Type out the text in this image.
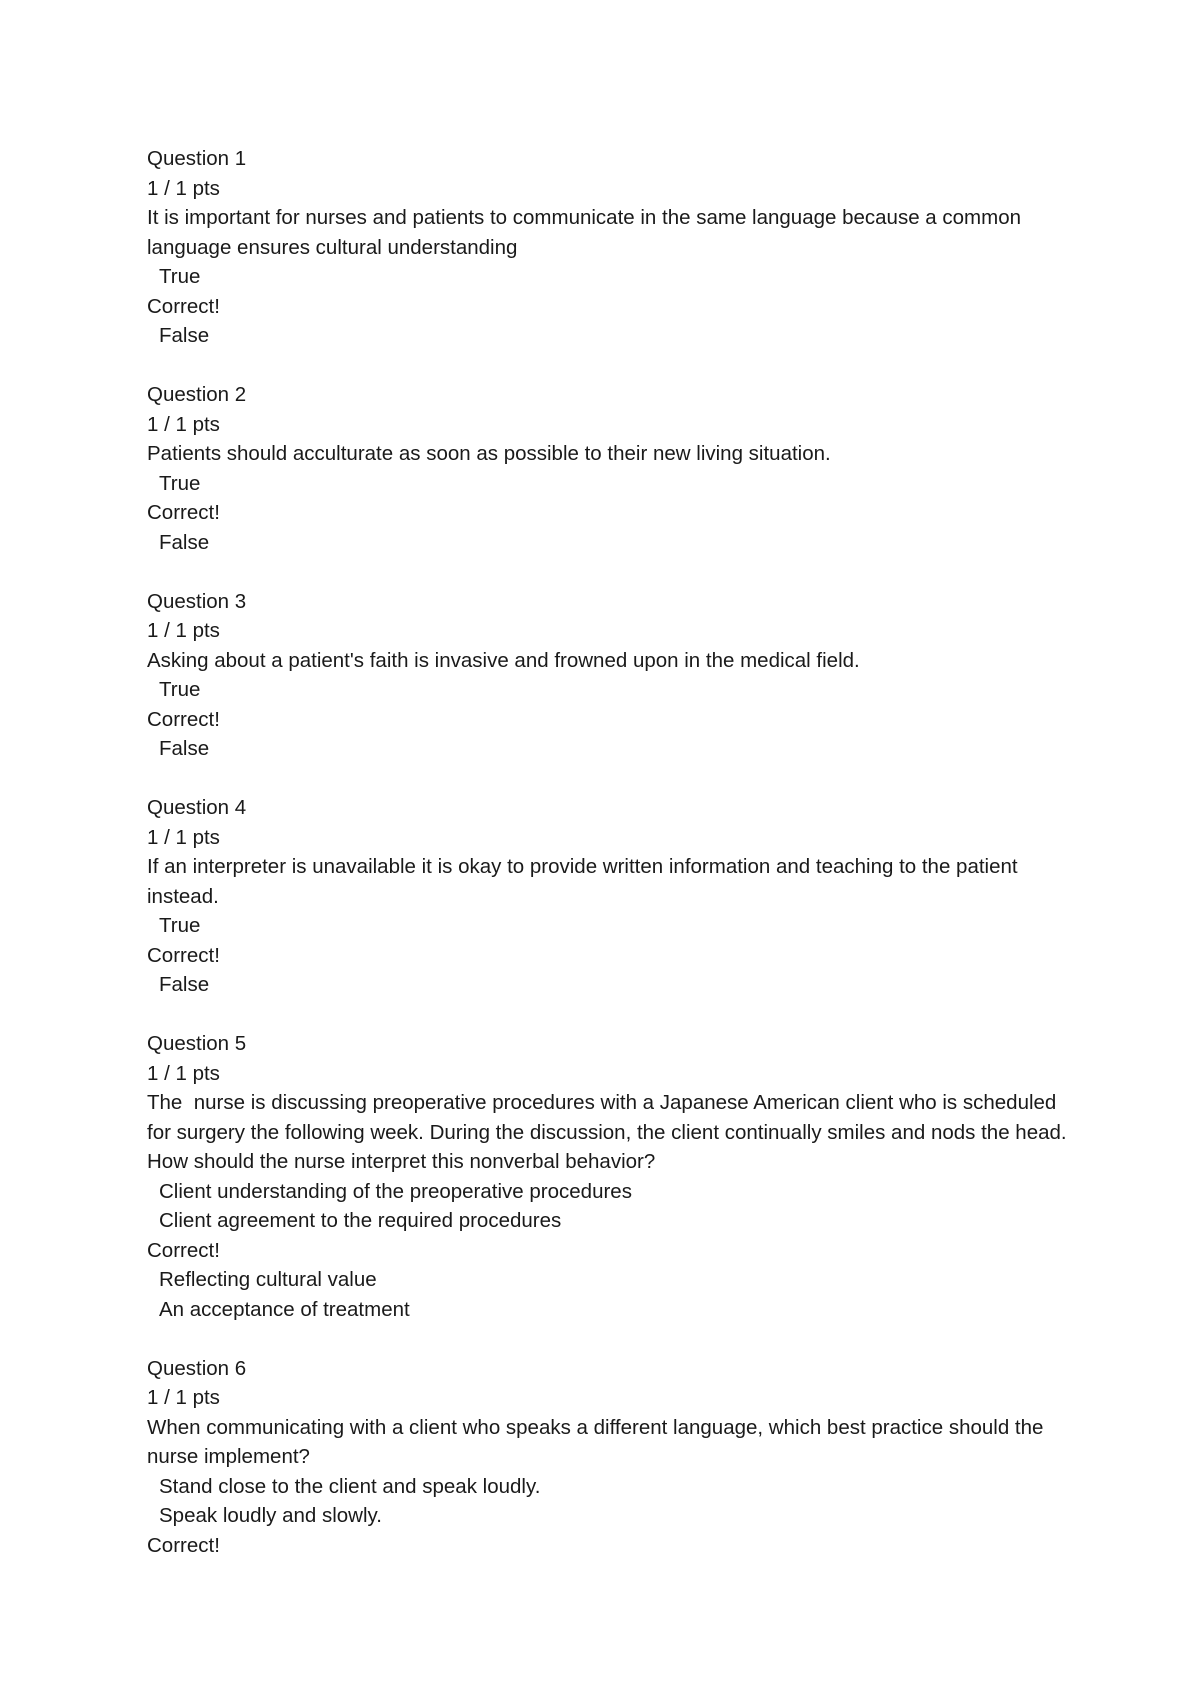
Question 1
1 / 1 pts
It is important for nurses and patients to communicate in the same language because a common language ensures cultural understanding
True
Correct!
False
Question 2
1 / 1 pts
Patients should acculturate as soon as possible to their new living situation.
True
Correct!
False
Question 3
1 / 1 pts
Asking about a patient's faith is invasive and frowned upon in the medical field.
True
Correct!
False
Question 4
1 / 1 pts
If an interpreter is unavailable it is okay to provide written information and teaching to the patient instead.
True
Correct!
False
Question 5
1 / 1 pts
The  nurse is discussing preoperative procedures with a Japanese American client who is scheduled for surgery the following week. During the discussion, the client continually smiles and nods the head. How should the nurse interpret this nonverbal behavior?
Client understanding of the preoperative procedures
Client agreement to the required procedures
Correct!
Reflecting cultural value
An acceptance of treatment
Question 6
1 / 1 pts
When communicating with a client who speaks a different language, which best practice should the nurse implement?
Stand close to the client and speak loudly.
Speak loudly and slowly.
Correct!
